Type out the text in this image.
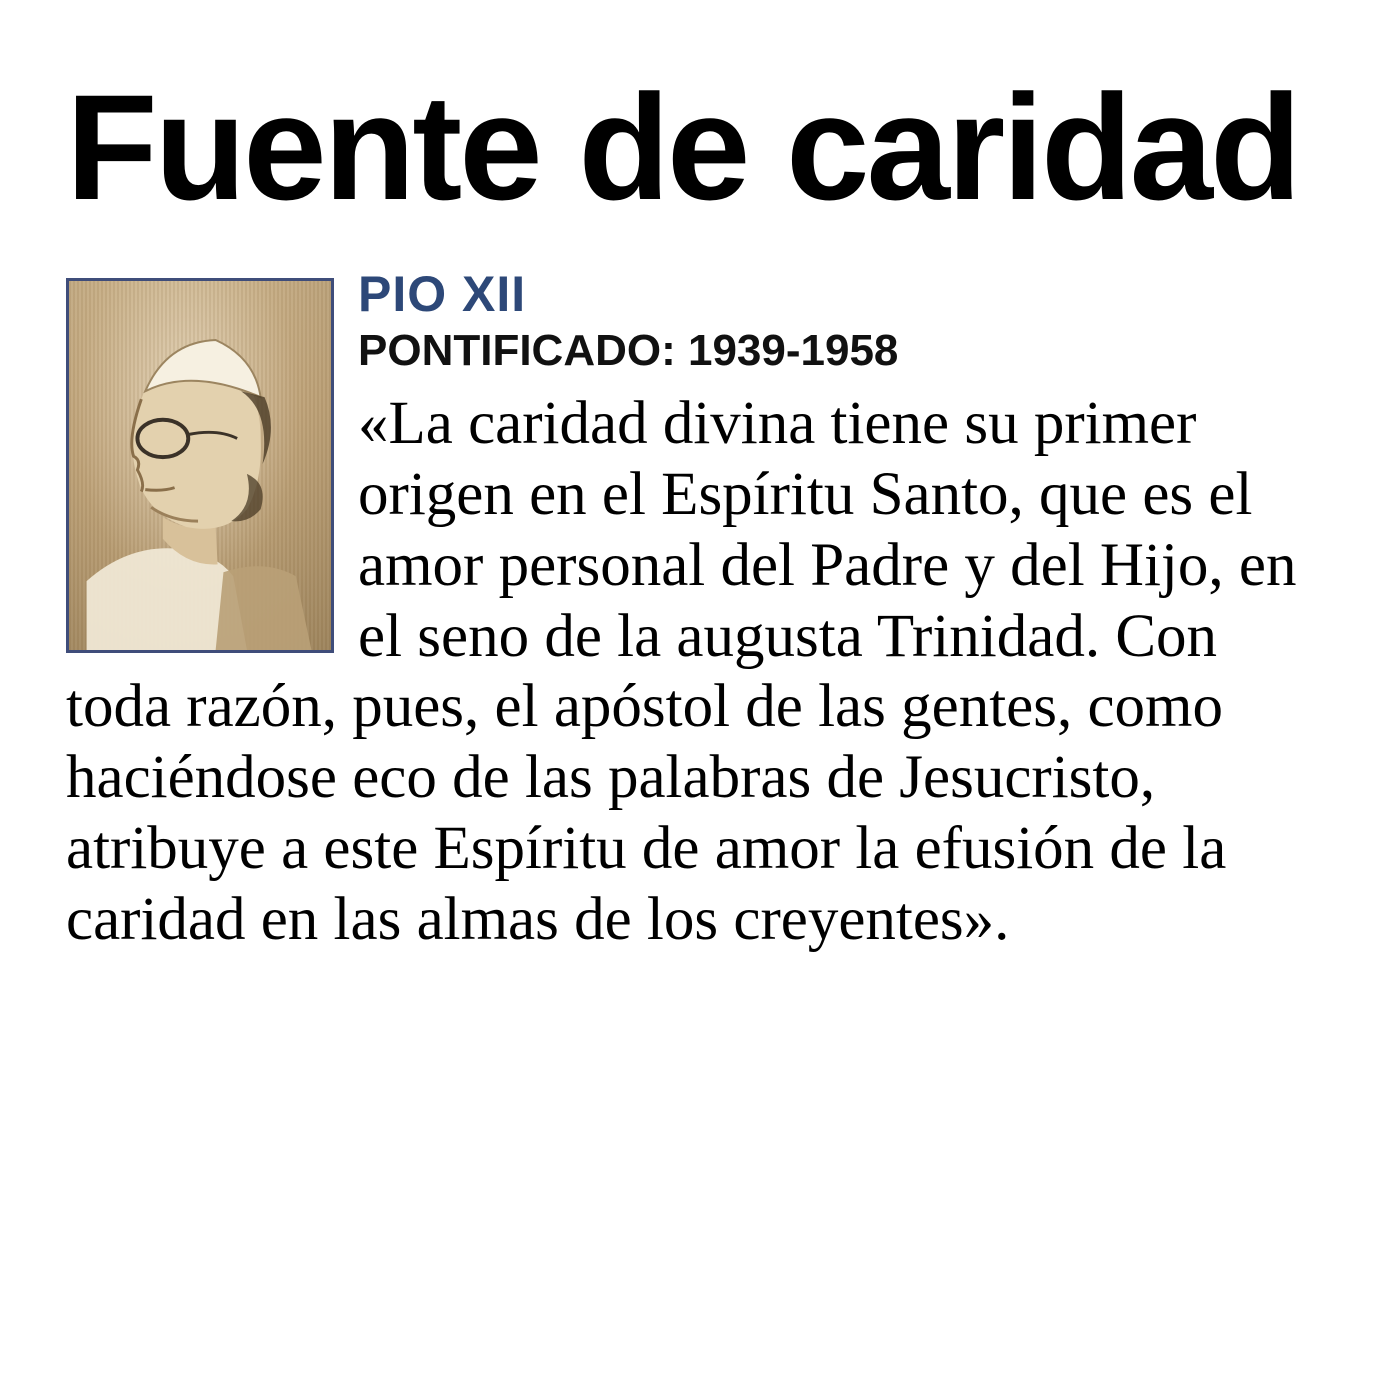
Fuente de caridad
PIO XII
PONTIFICADO: 1939-1958

«La caridad divina tiene su primer origen en el Espíritu Santo, que es el amor personal del Padre y del Hijo, en el seno de la augusta Trinidad. Con toda razón, pues, el apóstol de las gentes, como haciéndose eco de las palabras de Jesucristo, atribuye a este Espíritu de amor la efusión de la caridad en las almas de los creyentes».
